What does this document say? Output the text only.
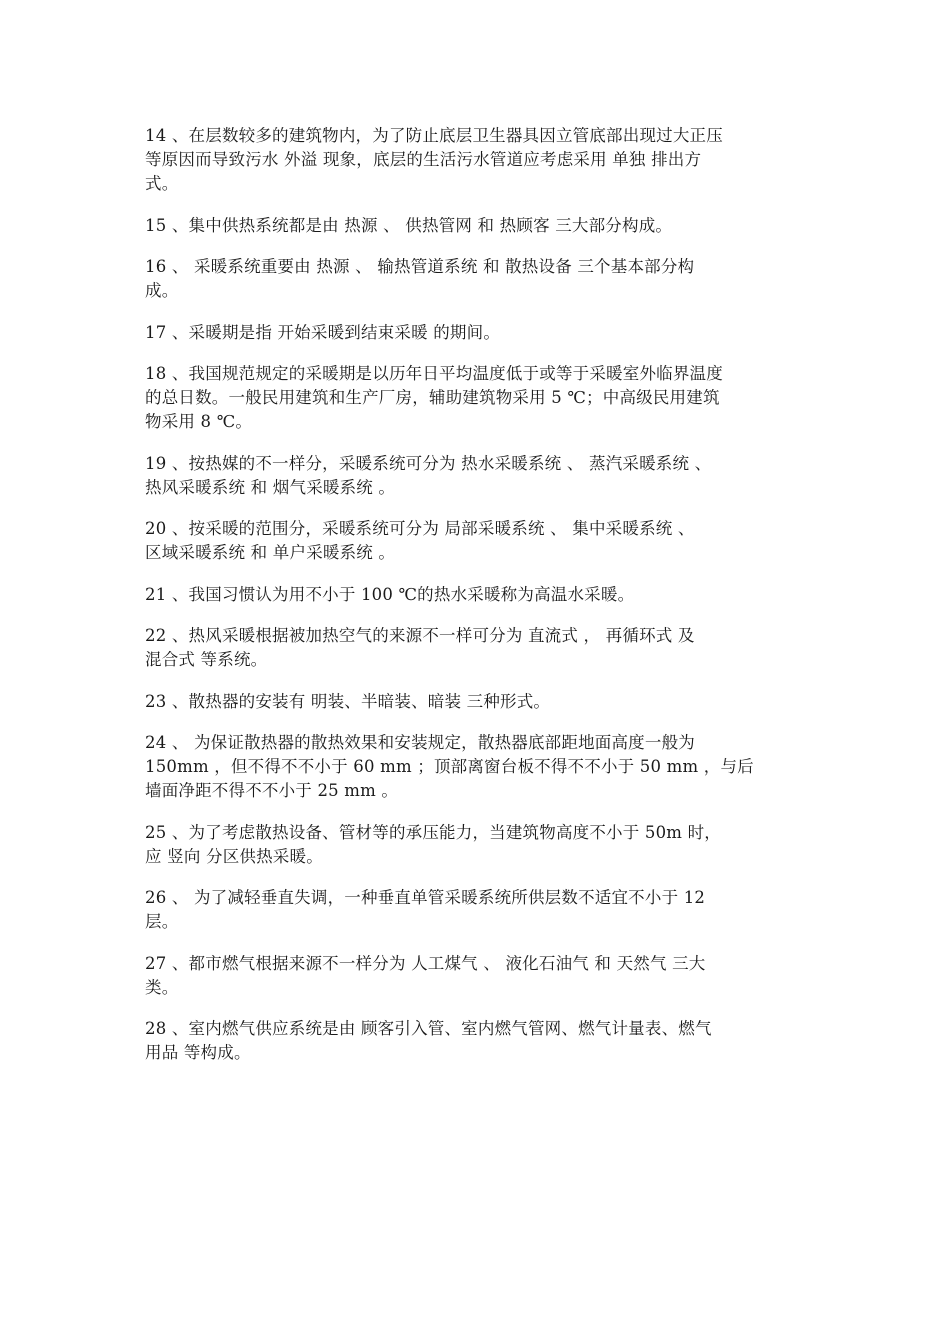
14 、在层数较多的建筑物内，为了防止底层卫生器具因立管底部出现过大正压
等原因而导致污水 外溢 现象，底层的生活污水管道应考虑采用 单独 排出方
式。

15 、集中供热系统都是由 热源 、 供热管网 和 热顾客 三大部分构成。

16 、 采暖系统重要由 热源 、 输热管道系统 和 散热设备 三个基本部分构
成。

17 、采暖期是指 开始采暖到结束采暖 的期间。

18 、我国规范规定的采暖期是以历年日平均温度低于或等于采暖室外临界温度
的总日数。一般民用建筑和生产厂房，辅助建筑物采用 5 ℃；中高级民用建筑
物采用 8 ℃。

19 、按热媒的不一样分，采暖系统可分为 热水采暖系统 、 蒸汽采暖系统 、
热风采暖系统 和 烟气采暖系统 。

20 、按采暖的范围分，采暖系统可分为 局部采暖系统 、 集中采暖系统 、
区域采暖系统 和 单户采暖系统 。

21 、我国习惯认为用不小于 100 ℃的热水采暖称为高温水采暖。

22 、热风采暖根据被加热空气的来源不一样可分为 直流式 ， 再循环式 及
混合式 等系统。

23 、散热器的安装有 明装、半暗装、暗装 三种形式。

24 、 为保证散热器的散热效果和安装规定，散热器底部距地面高度一般为
150mm ，但不得不不小于 60 mm ；顶部离窗台板不得不不小于 50 mm ，与后
墙面净距不得不不小于 25 mm 。

25 、为了考虑散热设备、管材等的承压能力，当建筑物高度不小于 50m 时，
应 竖向 分区供热采暖。

26 、 为了减轻垂直失调，一种垂直单管采暖系统所供层数不适宜不小于 12
层。

27 、都市燃气根据来源不一样分为 人工煤气 、 液化石油气 和 天然气 三大
类。

28 、室内燃气供应系统是由 顾客引入管、室内燃气管网、燃气计量表、燃气
用品 等构成。
